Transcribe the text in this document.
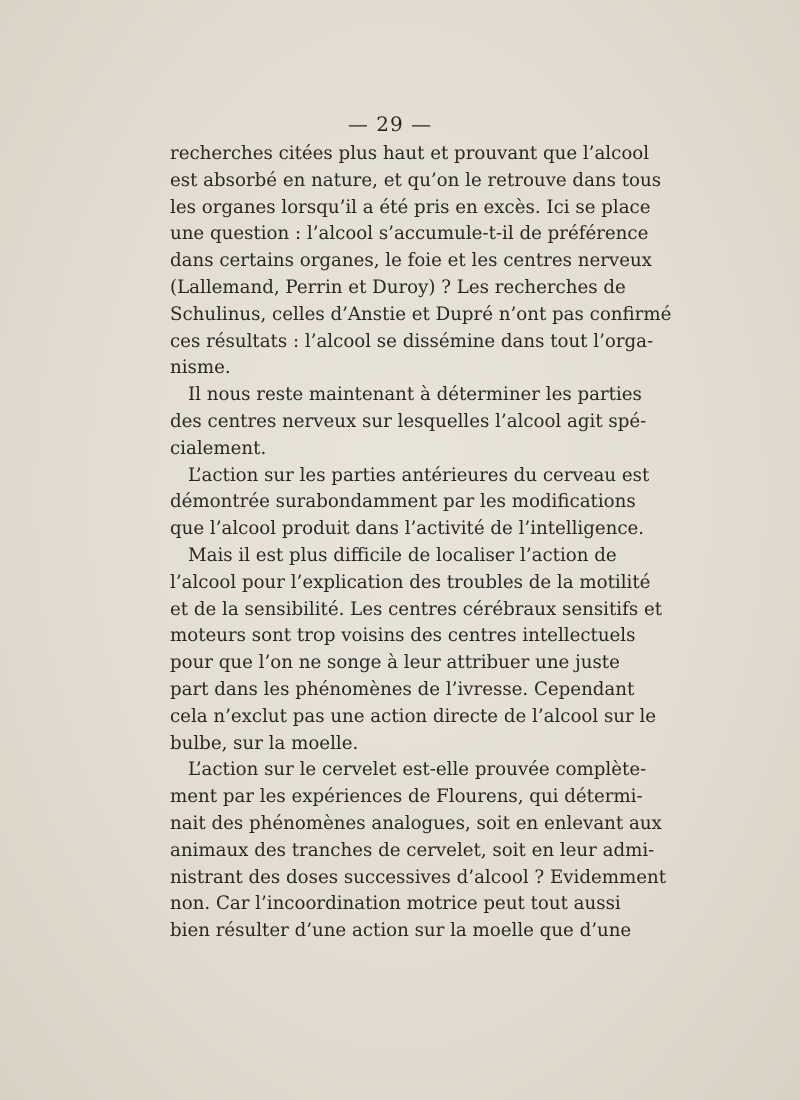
— 29 —
recherches citées plus haut et prouvant que l’alcool
est absorbé en nature, et qu’on le retrouve dans tous
les organes lorsqu’il a été pris en excès. Ici se place
une question : l’alcool s’accumule-t-il de préférence
dans certains organes, le foie et les centres nerveux
(Lallemand, Perrin et Duroy) ? Les recherches de
Schulinus, celles d’Anstie et Dupré n’ont pas confirmé
ces résultats : l’alcool se dissémine dans tout l’orga-
nisme.
Il nous reste maintenant à déterminer les parties
des centres nerveux sur lesquelles l’alcool agit spé-
cialement.
L’action sur les parties antérieures du cerveau est
démontrée surabondamment par les modifications
que l’alcool produit dans l’activité de l’intelligence.
Mais il est plus difficile de localiser l’action de
l’alcool pour l’explication des troubles de la motilité
et de la sensibilité. Les centres cérébraux sensitifs et
moteurs sont trop voisins des centres intellectuels
pour que l’on ne songe à leur attribuer une juste
part dans les phénomènes de l’ivresse. Cependant
cela n’exclut pas une action directe de l’alcool sur le
bulbe, sur la moelle.
L’action sur le cervelet est-elle prouvée complète-
ment par les expériences de Flourens, qui détermi-
nait des phénomènes analogues, soit en enlevant aux
animaux des tranches de cervelet, soit en leur admi-
nistrant des doses successives d’alcool ? Evidemment
non. Car l’incoordination motrice peut tout aussi
bien résulter d’une action sur la moelle que d’une
